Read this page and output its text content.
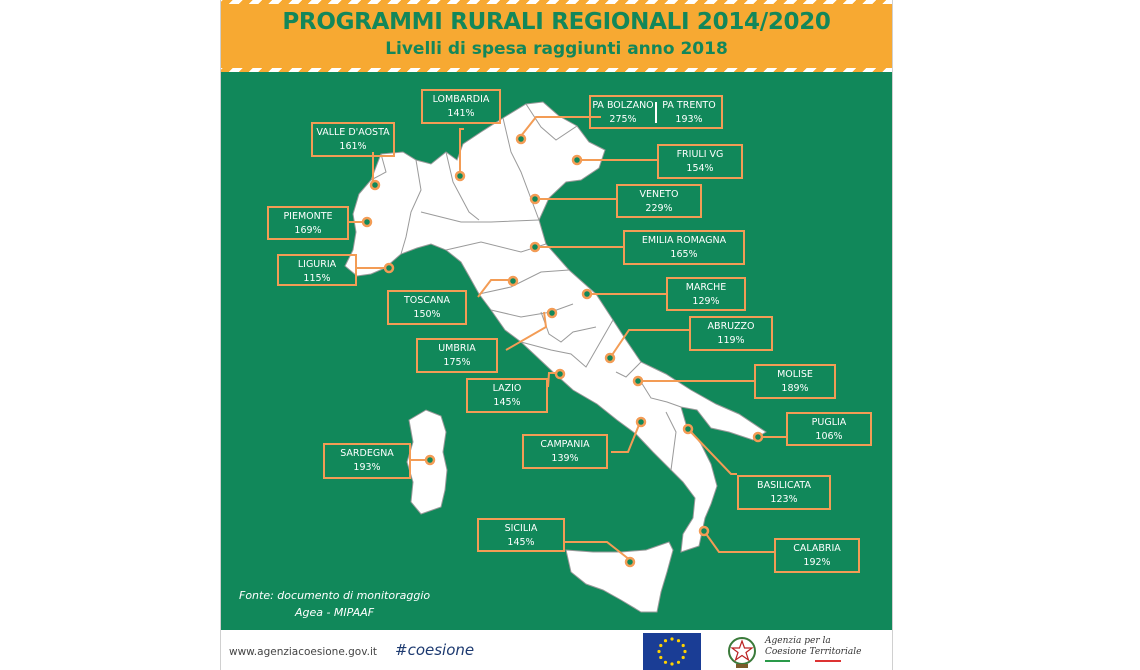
PROGRAMMI RURALI REGIONALI 2014/2020
Livelli di spesa raggiunti anno 2018
LOMBARDIA
141%
VALLE D'AOSTA
161%
PIEMONTE
169%
LIGURIA
115%
TOSCANA
150%
UMBRIA
175%
LAZIO
145%
SARDEGNA
193%
CAMPANIA
139%
SICILIA
145%
PA BOLZANO
275%
PA TRENTO
193%
FRIULI VG
154%
VENETO
229%
EMILIA ROMAGNA
165%
MARCHE
129%
ABRUZZO
119%
MOLISE
189%
PUGLIA
106%
BASILICATA
123%
CALABRIA
192%
Fonte: documento di monitoraggio
Agea - MIPAAF
www.agenziacoesione.gov.it #coesione	Agenzia per la
Coesione Territoriale
